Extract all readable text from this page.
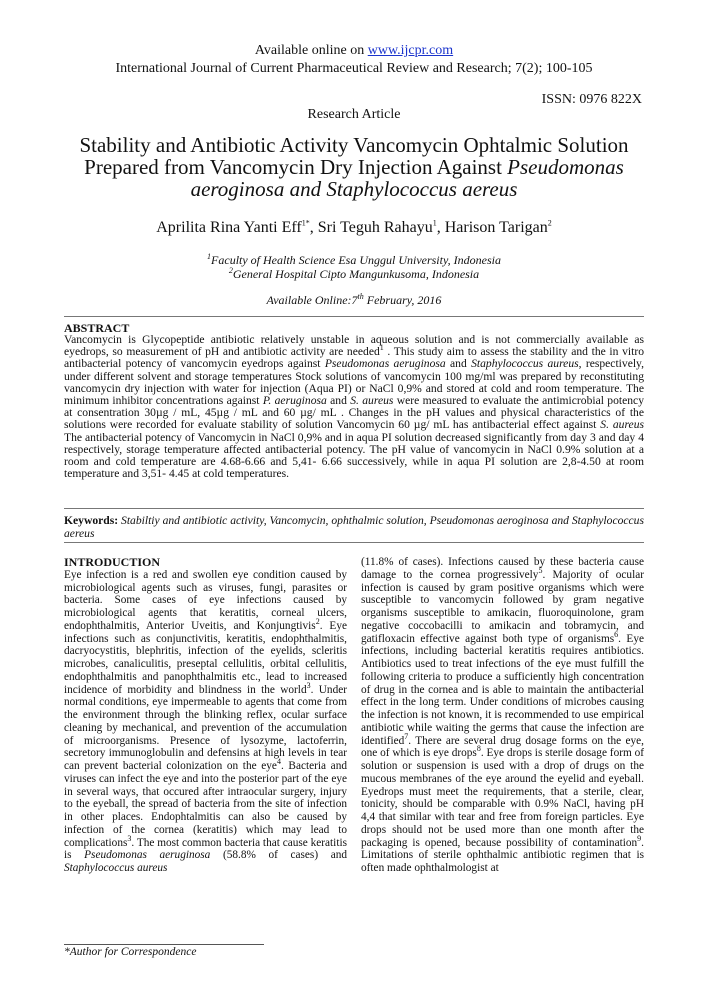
Available online on www.ijcpr.com
International Journal of Current Pharmaceutical Review and Research; 7(2); 100-105
ISSN: 0976 822X
Research Article
Stability and Antibiotic Activity Vancomycin Ophtalmic Solution
Prepared from Vancomycin Dry Injection Against Pseudomonas
aeroginosa and Staphylococcus aereus
Aprilita Rina Yanti Eff$^{1*}$, Sri Teguh Rahayu$^1$, Harison Tarigan$^2$
$^1$Faculty of Health Science Esa Unggul University, Indonesia
$^2$General Hospital Cipto Mangunkusoma, Indonesia
Available Online:7th February, 2016
ABSTRACT

Vancomycin is Glycopeptide antibiotic relatively unstable in aqueous solution and is not commercially available as eyedrops, so measurement of pH and antibiotic activity are needed$^1$ . This study aim to assess the stability and the in vitro antibacterial potency of vancomycin eyedrops against Pseudomonas aeruginosa and Staphylococcus aureus, respectively, under different solvent and storage temperatures Stock solutions of vancomycin 100 mg/ml was prepared by reconstituting vancomycin dry injection with water for injection (Aqua PI) or NaCl 0,9% and stored at cold and room temperature. The minimum inhibitor concentrations against P. aeruginosa and S. aureus were measured to evaluate the antimicrobial potency at consentration 30µg / mL, 45µg / mL and 60 µg/ mL . Changes in the pH values and physical characteristics of the solutions were recorded for evaluate stability of solution Vancomycin 60 µg/ mL has antibacterial effect against S. aureus The antibacterial potency of Vancomycin in NaCl 0,9% and in aqua PI solution decreased significantly from day 3 and day 4 respectively, storage temperature affected antibacterial potency. The pH value of vancomycin in NaCl 0.9% solution at a room and cold temperature are 4.68-6.66 and 5,41- 6.66 successively, while in aqua PI solution are 2,8-4.50 at room temperature and 3,51- 4.45 at cold temperatures.

Keywords: Stabiltiy and antibiotic activity, Vancomycin, ophthalmic solution, Pseudomonas aeroginosa and Staphylococcus aereus
INTRODUCTION

Eye infection is a red and swollen eye condition caused by microbiological agents such as viruses, fungi, parasites or bacteria. Some cases of eye infections caused by microbiological agents that keratitis, corneal ulcers, endophthalmitis, Anterior Uveitis, and Konjungtivis$^2$. Eye infections such as conjunctivitis, keratitis, endophthalmitis, dacryocystitis, blephritis, infection of the eyelids, scleritis microbes, canaliculitis, preseptal cellulitis, orbital cellulitis, endophthalmitis and panophthalmitis etc., lead to increased incidence of morbidity and blindness in the world$^3$. Under normal conditions, eye impermeable to agents that come from the environment through the blinking reflex, ocular surface cleaning by mechanical, and prevention of the accumulation of microorganisms. Presence of lysozyme, lactoferrin, secretory immunoglobulin and defensins at high levels in tear can prevent bacterial colonization on the eye$^4$. Bacteria and viruses can infect the eye and into the posterior part of the eye in several ways, that occured after intraocular surgery, injury to the eyeball, the spread of bacteria from the site of infection in other places. Endophtalmitis can also be caused by infection of the cornea (keratitis) which may lead to complications$^3$. The most common bacteria that cause keratitis is Pseudomonas aeruginosa (58.8% of cases) and Staphylococcus aureus

(11.8% of cases). Infections caused by these bacteria cause damage to the cornea progressively$^5$. Majority of ocular infection is caused by gram positive organisms which were susceptible to vancomycin followed by gram negative organisms susceptible to amikacin, fluoroquinolone, gram negative coccobacilli to amikacin and tobramycin, and gatifloxacin effective against both type of organisms$^6$. Eye infections, including bacterial keratitis requires antibiotics. Antibiotics used to treat infections of the eye must fulfill the following criteria to produce a sufficiently high concentration of drug in the cornea and is able to maintain the antibacterial effect in the long term. Under conditions of microbes causing the infection is not known, it is recommended to use empirical antibiotic while waiting the germs that cause the infection are identified$^7$. There are several drug dosage forms on the eye, one of which is eye drops$^8$. Eye drops is sterile dosage form of solution or suspension is used with a drop of drugs on the mucous membranes of the eye around the eyelid and eyeball. Eyedrops must meet the requirements, that a sterile, clear, tonicity, should be comparable with 0.9% NaCl, having pH 4,4 that similar with tear and free from foreign particles. Eye drops should not be used more than one month after the packaging is opened, because possibility of contamination$^9$. Limitations of sterile ophthalmic antibiotic regimen that is often made ophthalmologist at

*Author for Correspondence
